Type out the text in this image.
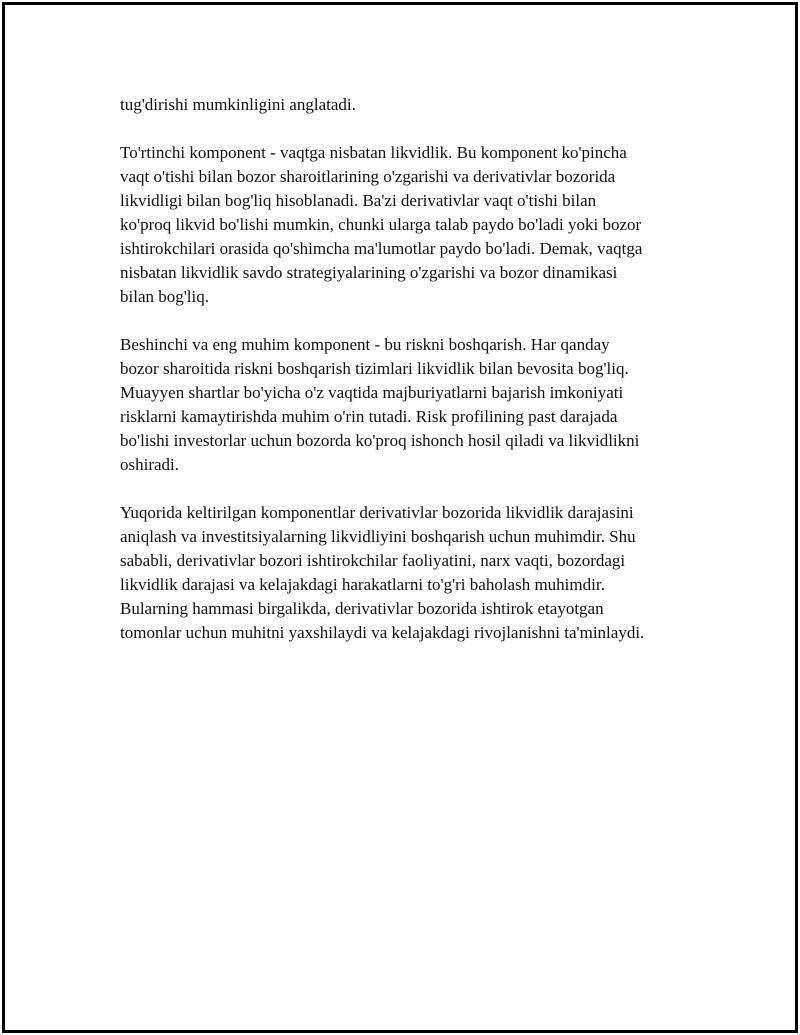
tug'dirishi mumkinligini anglatadi.

To'rtinchi komponent - vaqtga nisbatan likvidlik. Bu komponent ko'pincha
vaqt o'tishi bilan bozor sharoitlarining o'zgarishi va derivativlar bozorida
likvidligi bilan bog'liq hisoblanadi. Ba'zi derivativlar vaqt o'tishi bilan
ko'proq likvid bo'lishi mumkin, chunki ularga talab paydo bo'ladi yoki bozor
ishtirokchilari orasida qo'shimcha ma'lumotlar paydo bo'ladi. Demak, vaqtga
nisbatan likvidlik savdo strategiyalarining o'zgarishi va bozor dinamikasi
bilan bog'liq.

Beshinchi va eng muhim komponent - bu riskni boshqarish. Har qanday
bozor sharoitida riskni boshqarish tizimlari likvidlik bilan bevosita bog'liq.
Muayyen shartlar bo'yicha o'z vaqtida majburiyatlarni bajarish imkoniyati
risklarni kamaytirishda muhim o'rin tutadi. Risk profilining past darajada
bo'lishi investorlar uchun bozorda ko'proq ishonch hosil qiladi va likvidlikni
oshiradi.

Yuqorida keltirilgan komponentlar derivativlar bozorida likvidlik darajasini
aniqlash va investitsiyalarning likvidliyini boshqarish uchun muhimdir. Shu
sababli, derivativlar bozori ishtirokchilar faoliyatini, narx vaqti, bozordagi
likvidlik darajasi va kelajakdagi harakatlarni to'g'ri baholash muhimdir.
Bularning hammasi birgalikda, derivativlar bozorida ishtirok etayotgan
tomonlar uchun muhitni yaxshilaydi va kelajakdagi rivojlanishni ta'minlaydi.
